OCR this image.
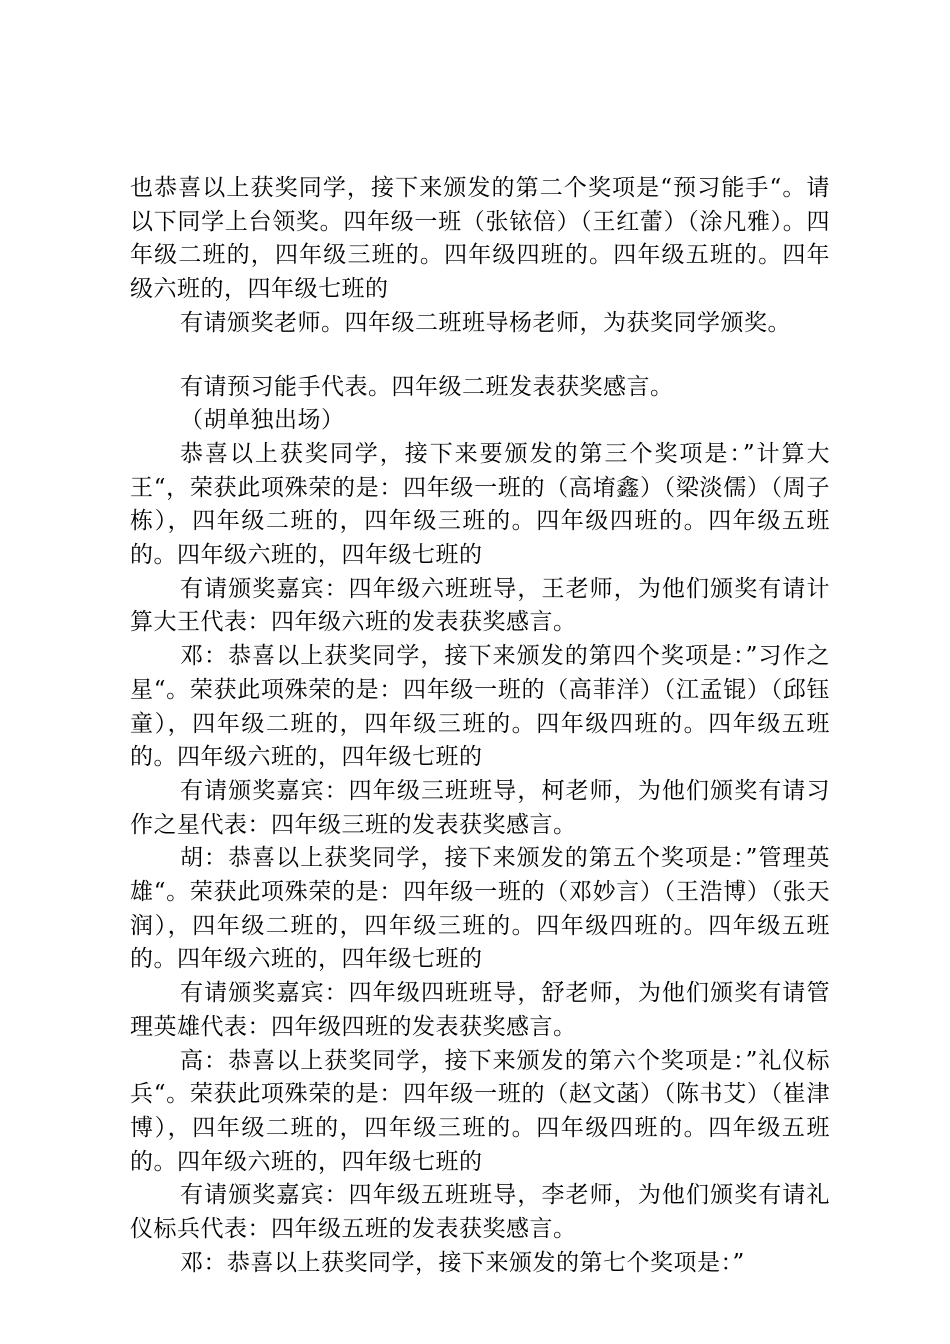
也恭喜以上获奖同学，接下来颁发的第二个奖项是“预习能手“。请以下同学上台领奖。四年级一班（张铱倍）（王红蕾）（涂凡雅）。四年级二班的，四年级三班的。四年级四班的。四年级五班的。四年级六班的，四年级七班的

有请颁奖老师。四年级二班班导杨老师，为获奖同学颁奖。

有请预习能手代表。四年级二班发表获奖感言。

（胡单独出场）

恭喜以上获奖同学，接下来要颁发的第三个奖项是：”计算大王“，荣获此项殊荣的是：四年级一班的（高堉鑫）（梁淡儒）（周子栋），四年级二班的，四年级三班的。四年级四班的。四年级五班的。四年级六班的，四年级七班的

有请颁奖嘉宾：四年级六班班导，王老师，为他们颁奖有请计算大王代表：四年级六班的发表获奖感言。

邓：恭喜以上获奖同学，接下来颁发的第四个奖项是：”习作之星“。荣获此项殊荣的是：四年级一班的（高菲洋）（江孟锟）（邱钰童），四年级二班的，四年级三班的。四年级四班的。四年级五班的。四年级六班的，四年级七班的

有请颁奖嘉宾：四年级三班班导，柯老师，为他们颁奖有请习作之星代表：四年级三班的发表获奖感言。

胡：恭喜以上获奖同学，接下来颁发的第五个奖项是：”管理英雄“。荣获此项殊荣的是：四年级一班的（邓妙言）（王浩博）（张天润），四年级二班的，四年级三班的。四年级四班的。四年级五班的。四年级六班的，四年级七班的

有请颁奖嘉宾：四年级四班班导，舒老师，为他们颁奖有请管理英雄代表：四年级四班的发表获奖感言。

高：恭喜以上获奖同学，接下来颁发的第六个奖项是：”礼仪标兵“。荣获此项殊荣的是：四年级一班的（赵文菡）（陈书艾）（崔津博），四年级二班的，四年级三班的。四年级四班的。四年级五班的。四年级六班的，四年级七班的

有请颁奖嘉宾：四年级五班班导，李老师，为他们颁奖有请礼仪标兵代表：四年级五班的发表获奖感言。

邓：恭喜以上获奖同学，接下来颁发的第七个奖项是：”
